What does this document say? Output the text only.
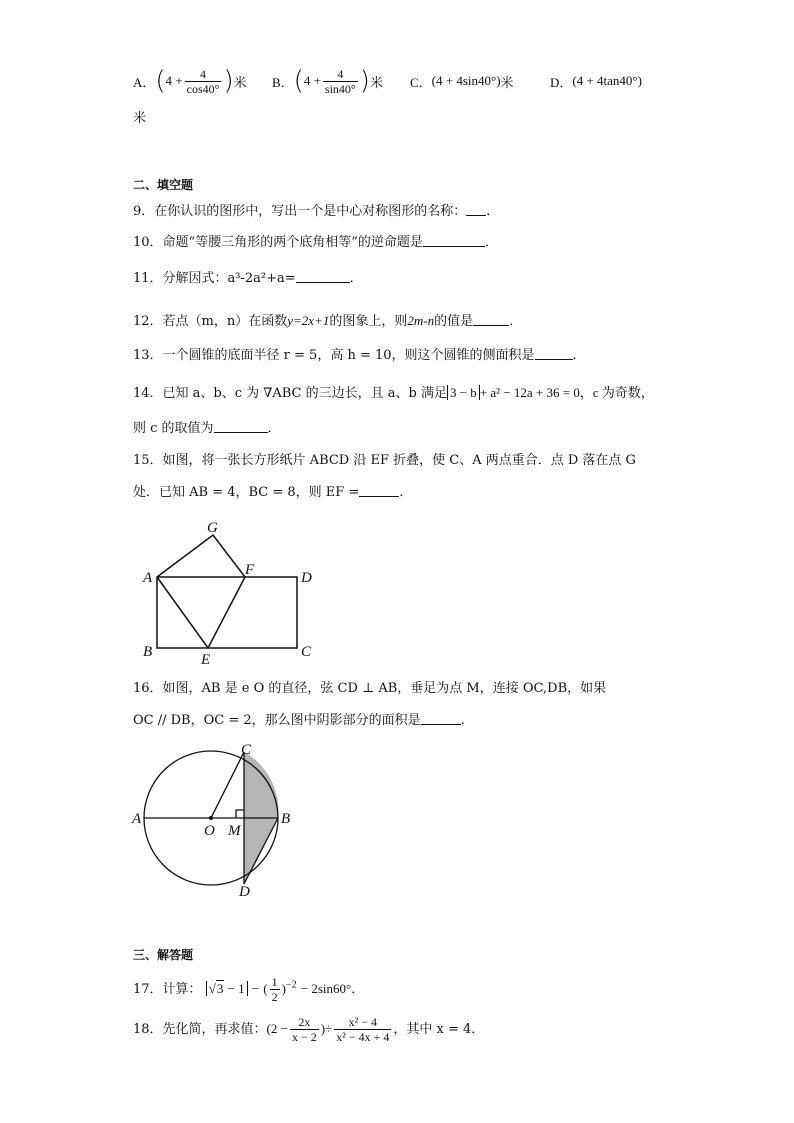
A． ( $4 + \frac{4}{\cos 40^\circ}$ ) 米 B． ( $4 + \frac{4}{\sin 40^\circ}$ ) 米 C． (4 + 4sin40°) 米	D． (4 + 4tan40°)
米
二、填空题
9．在你认识的图形中，写出一个是中心对称图形的名称： ．
10．命题“等腰三角形的两个底角相等”的逆命题是	．
11．分解因式：a³-2a²+a=	．
12．若点（m，n）在函数y=2x+1的图象上，则2m-n的值是	．
13．一个圆锥的底面半径 r = 5，高 h = 10，则这个圆锥的侧面积是	．
14．已知 a、b、c 为 ∇ABC 的三边长，且 a、b 满足 3 − b + a² − 12a + 36 = 0，c 为奇数，
则 c 的取值为	．
15．如图，将一张长方形纸片 ABCD 沿 EF 折叠，使 C、A 两点重合．点 D 落在点 G
处．已知 AB = 4，BC = 8，则 EF =	．
G
A	F	D
B	E	C
16．如图，AB 是 e O 的直径，弦 CD ⊥ AB，垂足为点 M，连接 OC,DB，如果
OC // DB，OC = 2，那么图中阴影部分的面积是	.
C
A
O M
B
D
三、解答题
17．计算： √3 − 1 − ( $\frac{1}{2} )^{-2} - 2\sin 60^\circ$．
18．先化简，再求值：($2 - \frac{2x}{x - 2}$ )÷ $\frac{\text{x² − 4}}{\text{x² − 4x + 4}}$ ，其中 x = 4．
